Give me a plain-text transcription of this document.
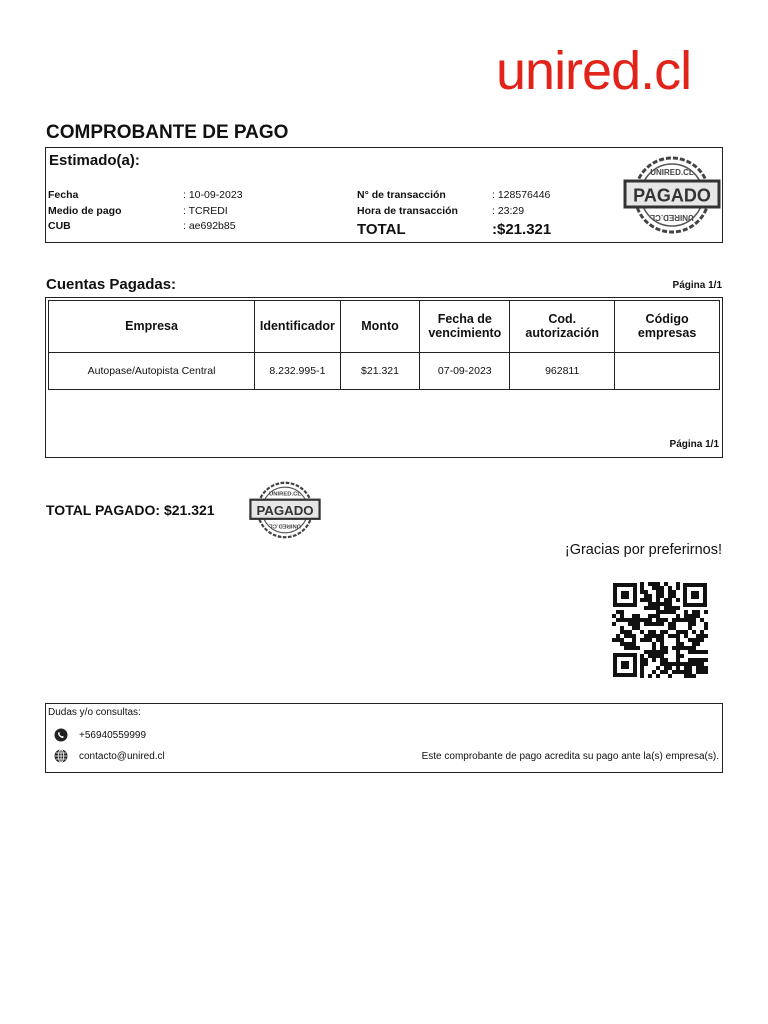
unired.cl
COMPROBANTE DE PAGO
Estimado(a):
Fecha	: 10-09-2023
Medio de pago	: TCREDI
CUB	: ae692b85
N° de transacción	: 128576446
Hora de transacción	: 23:29
TOTAL	:$21.321
PAGADO
UNIRED.CL
UNIRED.CL
Cuentas Pagadas:	Página 1/1
Empresa	Identificador	Monto	Fecha de vencimiento	Cod. autorización	Código empresas
Autopase/Autopista Central	8.232.995-1	$21.321	07-09-2023	962811	
Página 1/1
TOTAL PAGADO: $21.321 PAGADO
UNIRED.CL
UNIRED.CL
¡Gracias por preferirnos!
Dudas y/o consultas:
+56940559999
contacto@unired.cl	Este comprobante de pago acredita su pago ante la(s) empresa(s).
